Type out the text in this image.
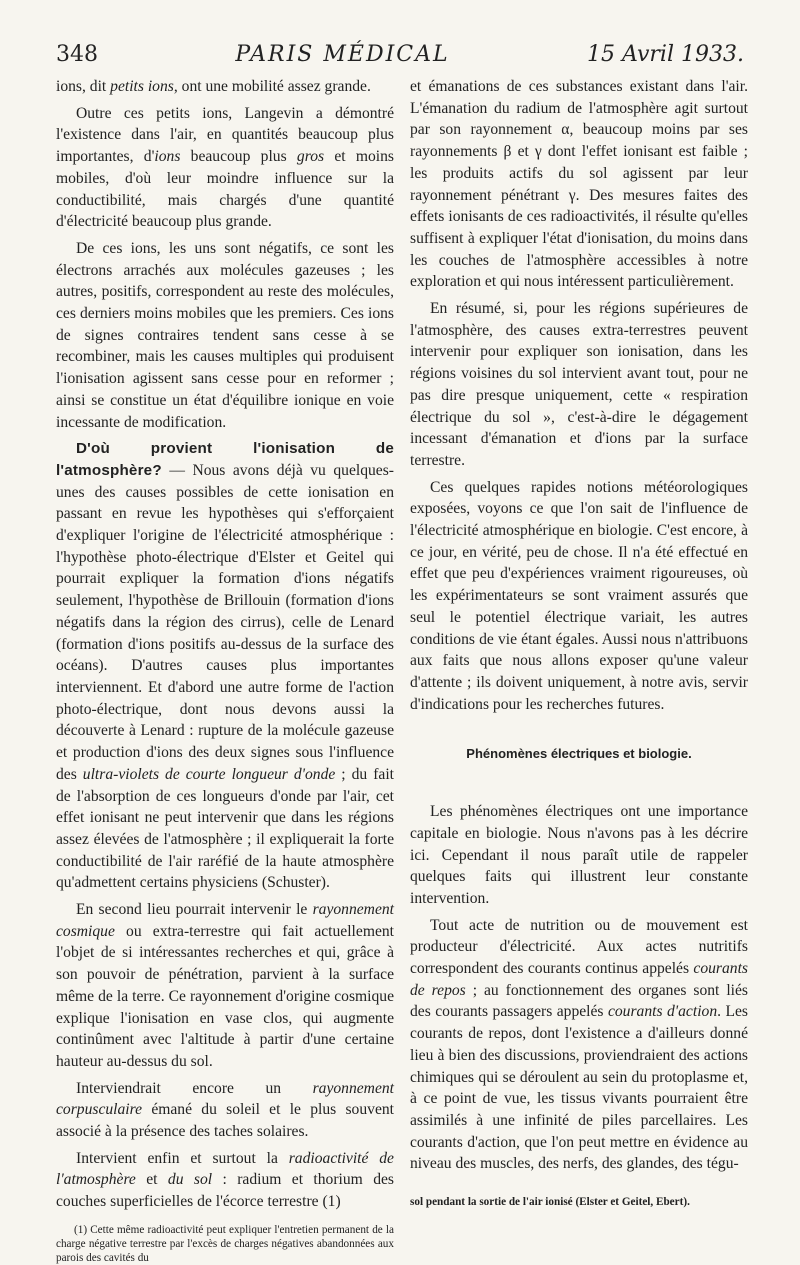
348	PARIS MÉDICAL	15 Avril 1933.

ions, dit petits ions, ont une mobilité assez grande.

Outre ces petits ions, Langevin a démontré l'existence dans l'air, en quantités beaucoup plus importantes, d'ions beaucoup plus gros et moins mobiles, d'où leur moindre influence sur la conductibilité, mais chargés d'une quantité d'électricité beaucoup plus grande.

De ces ions, les uns sont négatifs, ce sont les électrons arrachés aux molécules gazeuses ; les autres, positifs, correspondent au reste des molécules, ces derniers moins mobiles que les premiers. Ces ions de signes contraires tendent sans cesse à se recombiner, mais les causes multiples qui produisent l'ionisation agissent sans cesse pour en reformer ; ainsi se constitue un état d'équilibre ionique en voie incessante de modification.

D'où provient l'ionisation de l'atmosphère? — Nous avons déjà vu quelques-unes des causes possibles de cette ionisation en passant en revue les hypothèses qui s'efforçaient d'expliquer l'origine de l'électricité atmosphérique : l'hypothèse photo-électrique d'Elster et Geitel qui pourrait expliquer la formation d'ions négatifs seulement, l'hypothèse de Brillouin (formation d'ions négatifs dans la région des cirrus), celle de Lenard (formation d'ions positifs au-dessus de la surface des océans). D'autres causes plus importantes interviennent. Et d'abord une autre forme de l'action photo-électrique, dont nous devons aussi la découverte à Lenard : rupture de la molécule gazeuse et production d'ions des deux signes sous l'influence des ultra-violets de courte longueur d'onde ; du fait de l'absorption de ces longueurs d'onde par l'air, cet effet ionisant ne peut intervenir que dans les régions assez élevées de l'atmosphère ; il expliquerait la forte conductibilité de l'air raréfié de la haute atmosphère qu'admettent certains physiciens (Schuster).

En second lieu pourrait intervenir le rayonnement cosmique ou extra-terrestre qui fait actuellement l'objet de si intéressantes recherches et qui, grâce à son pouvoir de pénétration, parvient à la surface même de la terre. Ce rayonnement d'origine cosmique explique l'ionisation en vase clos, qui augmente continûment avec l'altitude à partir d'une certaine hauteur au-dessus du sol.

Interviendrait encore un rayonnement corpusculaire émané du soleil et le plus souvent associé à la présence des taches solaires.

Intervient enfin et surtout la radioactivité de l'atmosphère et du sol : radium et thorium des couches superficielles de l'écorce terrestre (1)

(1) Cette même radioactivité peut expliquer l'entretien permanent de la charge négative terrestre par l'excès de charges négatives abandonnées aux parois des cavités du

et émanations de ces substances existant dans l'air. L'émanation du radium de l'atmosphère agit surtout par son rayonnement α, beaucoup moins par ses rayonnements β et γ dont l'effet ionisant est faible ; les produits actifs du sol agissent par leur rayonnement pénétrant γ. Des mesures faites des effets ionisants de ces radioactivités, il résulte qu'elles suffisent à expliquer l'état d'ionisation, du moins dans les couches de l'atmosphère accessibles à notre exploration et qui nous intéressent particulièrement.

En résumé, si, pour les régions supérieures de l'atmosphère, des causes extra-terrestres peuvent intervenir pour expliquer son ionisation, dans les régions voisines du sol intervient avant tout, pour ne pas dire presque uniquement, cette « respiration électrique du sol », c'est-à-dire le dégagement incessant d'émanation et d'ions par la surface terrestre.

Ces quelques rapides notions météorologiques exposées, voyons ce que l'on sait de l'influence de l'électricité atmosphérique en biologie. C'est encore, à ce jour, en vérité, peu de chose. Il n'a été effectué en effet que peu d'expériences vraiment rigoureuses, où les expérimentateurs se sont vraiment assurés que seul le potentiel électrique variait, les autres conditions de vie étant égales. Aussi nous n'attribuons aux faits que nous allons exposer qu'une valeur d'attente ; ils doivent uniquement, à notre avis, servir d'indications pour les recherches futures.

Phénomènes électriques et biologie.

Les phénomènes électriques ont une importance capitale en biologie. Nous n'avons pas à les décrire ici. Cependant il nous paraît utile de rappeler quelques faits qui illustrent leur constante intervention.

Tout acte de nutrition ou de mouvement est producteur d'électricité. Aux actes nutritifs correspondent des courants continus appelés courants de repos ; au fonctionnement des organes sont liés des courants passagers appelés courants d'action. Les courants de repos, dont l'existence a d'ailleurs donné lieu à bien des discussions, proviendraient des actions chimiques qui se déroulent au sein du protoplasme et, à ce point de vue, les tissus vivants pourraient être assimilés à une infinité de piles parcellaires. Les courants d'action, que l'on peut mettre en évidence au niveau des muscles, des nerfs, des glandes, des tégu-

sol pendant la sortie de l'air ionisé (Elster et Geitel, Ebert).
